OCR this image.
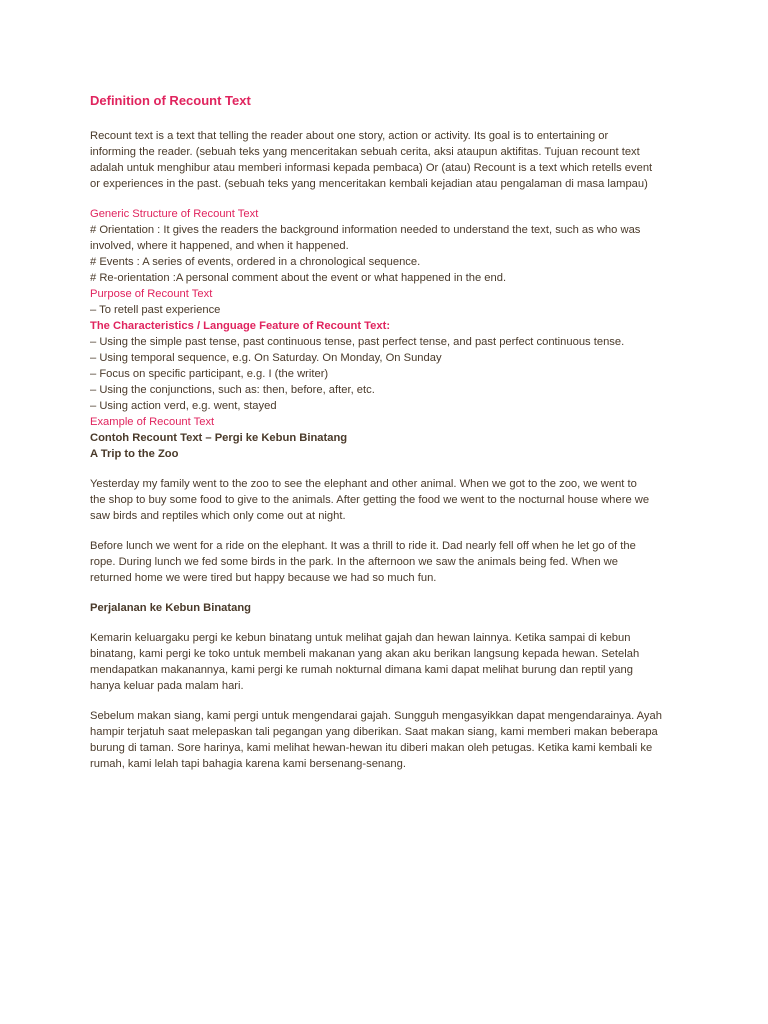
Definition of Recount Text
Recount text is a text that telling the reader about one story, action or activity. Its goal is to entertaining or
informing the reader. (sebuah teks yang menceritakan sebuah cerita, aksi ataupun aktifitas. Tujuan recount text
adalah untuk menghibur atau memberi informasi kepada pembaca) Or (atau) Recount is a text which retells event
or experiences in the past. (sebuah teks yang menceritakan kembali kejadian atau pengalaman di masa lampau)
Generic Structure of Recount Text
# Orientation : It gives the readers the background information needed to understand the text, such as who was
involved, where it happened, and when it happened.
# Events : A series of events, ordered in a chronological sequence.
# Re-orientation :A personal comment about the event or what happened in the end.
Purpose of Recount Text
– To retell past experience
The Characteristics / Language Feature of Recount Text:
– Using the simple past tense, past continuous tense, past perfect tense, and past perfect continuous tense.
– Using temporal sequence, e.g. On Saturday. On Monday, On Sunday
– Focus on specific participant, e.g. I (the writer)
– Using the conjunctions, such as: then, before, after, etc.
– Using action verd, e.g. went, stayed
Example of Recount Text
Contoh Recount Text – Pergi ke Kebun Binatang
A Trip to the Zoo
Yesterday my family went to the zoo to see the elephant and other animal. When we got to the zoo, we went to
the shop to buy some food to give to the animals. After getting the food we went to the nocturnal house where we
saw birds and reptiles which only come out at night.
Before lunch we went for a ride on the elephant. It was a thrill to ride it. Dad nearly fell off when he let go of the
rope. During lunch we fed some birds in the park. In the afternoon we saw the animals being fed. When we
returned home we were tired but happy because we had so much fun.
Perjalanan ke Kebun Binatang
Kemarin keluargaku pergi ke kebun binatang untuk melihat gajah dan hewan lainnya. Ketika sampai di kebun
binatang, kami pergi ke toko untuk membeli makanan yang akan aku berikan langsung kepada hewan. Setelah
mendapatkan makanannya, kami pergi ke rumah nokturnal dimana kami dapat melihat burung dan reptil yang
hanya keluar pada malam hari.
Sebelum makan siang, kami pergi untuk mengendarai gajah. Sungguh mengasyikkan dapat mengendarainya. Ayah
hampir terjatuh saat melepaskan tali pegangan yang diberikan. Saat makan siang, kami memberi makan beberapa
burung di taman. Sore harinya, kami melihat hewan-hewan itu diberi makan oleh petugas. Ketika kami kembali ke
rumah, kami lelah tapi bahagia karena kami bersenang-senang.
